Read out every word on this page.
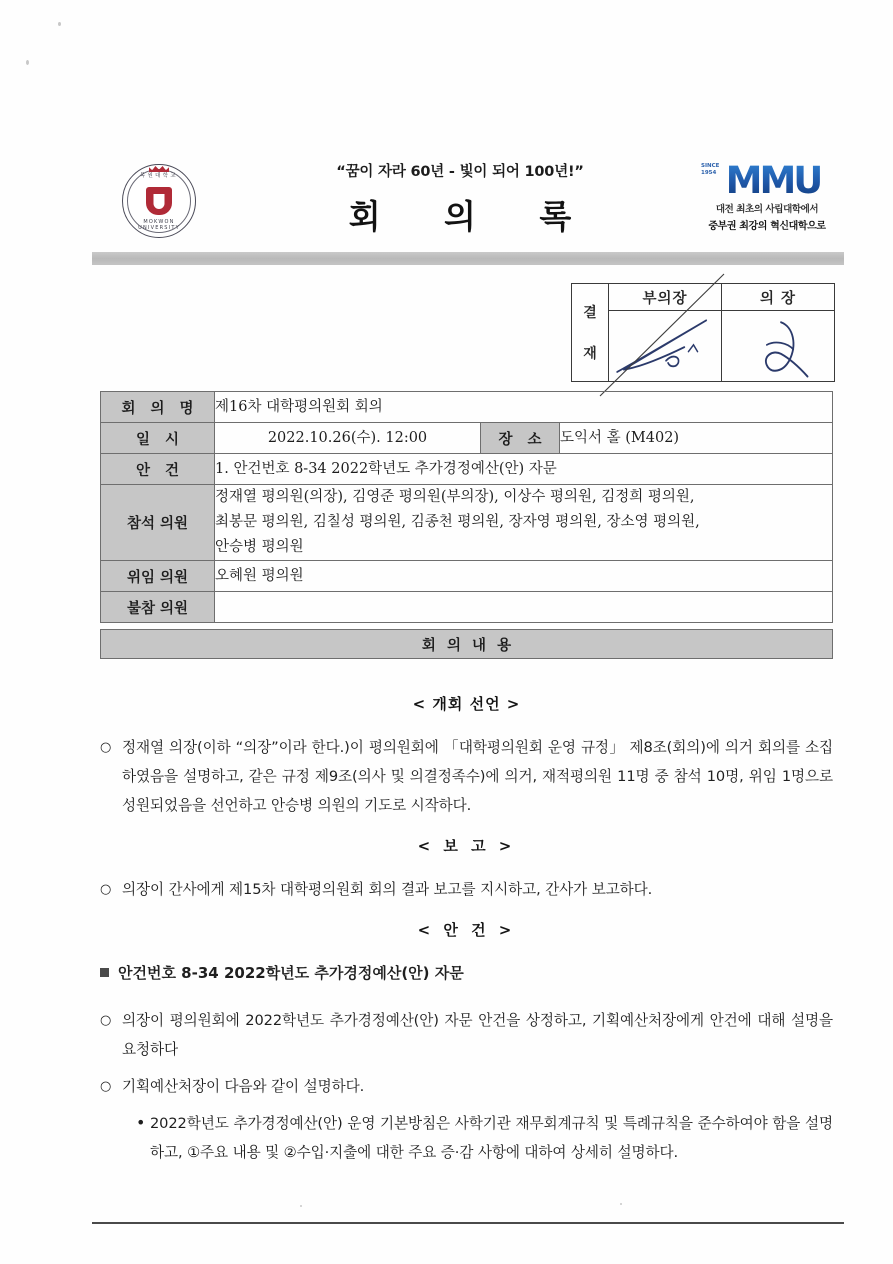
목원대학교
MOKWON UNIVERSITY
“꿈이 자라 60년 - 빛이 되어 100년!”
회 의 록
SINCE
1954 MMU
대전 최초의 사립대학에서
중부권 최강의 혁신대학으로
결
재
부의장	의 장
회 의 명	제16차 대학평의원회 회의		
일 시	2022.10.26(수). 12:00	장 소	도익서 홀 (M402)
안 건	1. 안건번호 8-34 2022학년도 추가경정예산(안) 자문		
참석 의원	정재열 평의원(의장), 김영준 평의원(부의장), 이상수 평의원, 김정희 평의원,
최봉문 평의원, 김칠성 평의원, 김종천 평의원, 장자영 평의원, 장소영 평의원,
안승병 평의원		

위임 의원	오혜원 평의원		
불참 의원			
회 의 내 용
< 개회 선언 >
○ 정재열 의장(이하 “의장”이라 한다.)이 평의원회에 「대학평의원회 운영 규정」 제8조(회의)에 의거 회의를 소집하였음을 설명하고, 같은 규정 제9조(의사 및 의결정족수)에 의거, 재적평의원 11명 중 참석 10명, 위임 1명으로 성원되었음을 선언하고 안승병 의원의 기도로 시작하다.
< 보 고 >
○ 의장이 간사에게 제15차 대학평의원회 회의 결과 보고를 지시하고, 간사가 보고하다.
< 안 건 >
안건번호 8-34 2022학년도 추가경정예산(안) 자문
○ 의장이 평의원회에 2022학년도 추가경정예산(안) 자문 안건을 상정하고, 기획예산처장에게 안건에 대해 설명을 요청하다
○ 기획예산처장이 다음와 같이 설명하다.
• 2022학년도 추가경정예산(안) 운영 기본방침은 사학기관 재무회계규칙 및 특례규칙을 준수하여야 함을 설명하고, ①주요 내용 및 ②수입·지출에 대한 주요 증·감 사항에 대하여 상세히 설명하다.
